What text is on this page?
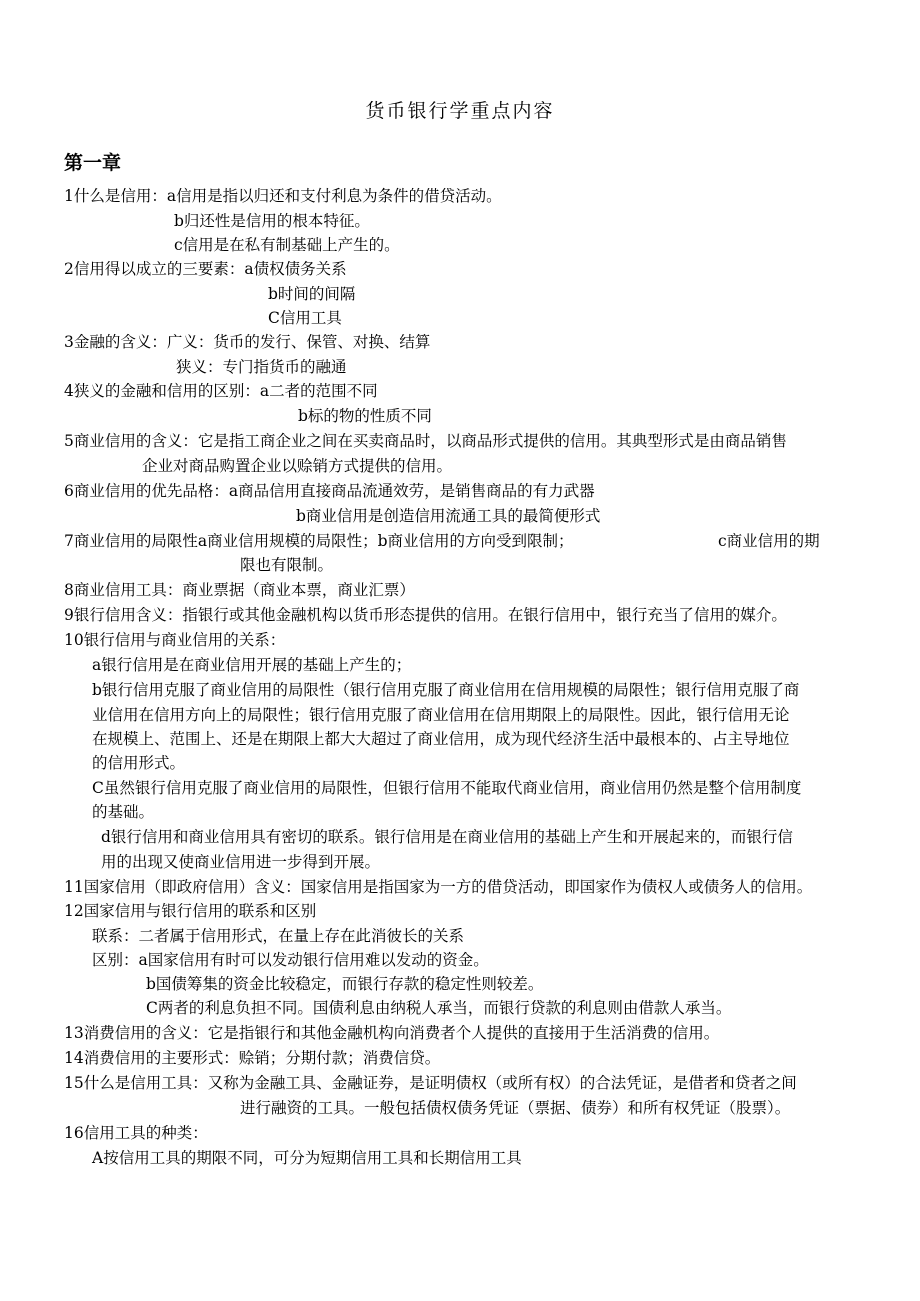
货币银行学重点内容
第一章
1什么是信用：a信用是指以归还和支付利息为条件的借贷活动。
b归还性是信用的根本特征。
c信用是在私有制基础上产生的。
2信用得以成立的三要素：a债权债务关系
b时间的间隔
C信用工具
3金融的含义：广义：货币的发行、保管、对换、结算
狭义：专门指货币的融通
4狭义的金融和信用的区别：a二者的范围不同
b标的物的性质不同
5商业信用的含义：它是指工商企业之间在买卖商品时，以商品形式提供的信用。其典型形式是由商品销售
企业对商品购置企业以赊销方式提供的信用。
6商业信用的优先品格：a商品信用直接商品流通效劳，是销售商品的有力武器
b商业信用是创造信用流通工具的最简便形式
7商业信用的局限性a商业信用规模的局限性；b商业信用的方向受到限制；	c商业信用的期
限也有限制。
8商业信用工具：商业票据（商业本票，商业汇票）
9银行信用含义：指银行或其他金融机构以货币形态提供的信用。在银行信用中，银行充当了信用的媒介。
10银行信用与商业信用的关系：
a银行信用是在商业信用开展的基础上产生的；
b银行信用克服了商业信用的局限性（银行信用克服了商业信用在信用规模的局限性；银行信用克服了商
业信用在信用方向上的局限性；银行信用克服了商业信用在信用期限上的局限性。因此，银行信用无论
在规模上、范围上、还是在期限上都大大超过了商业信用，成为现代经济生活中最根本的、占主导地位
的信用形式。
C虽然银行信用克服了商业信用的局限性，但银行信用不能取代商业信用，商业信用仍然是整个信用制度
的基础。
d银行信用和商业信用具有密切的联系。银行信用是在商业信用的基础上产生和开展起来的，而银行信
用的出现又使商业信用进一步得到开展。
11国家信用（即政府信用）含义：国家信用是指国家为一方的借贷活动，即国家作为债权人或债务人的信用。
12国家信用与银行信用的联系和区别
联系：二者属于信用形式，在量上存在此消彼长的关系
区别：a国家信用有时可以发动银行信用难以发动的资金。
b国债筹集的资金比较稳定，而银行存款的稳定性则较差。
C两者的利息负担不同。国债利息由纳税人承当，而银行贷款的利息则由借款人承当。
13消费信用的含义：它是指银行和其他金融机构向消费者个人提供的直接用于生活消费的信用。
14消费信用的主要形式：赊销；分期付款；消费信贷。
15什么是信用工具：又称为金融工具、金融证券，是证明债权（或所有权）的合法凭证，是借者和贷者之间
进行融资的工具。一般包括债权债务凭证（票据、债券）和所有权凭证（股票）。
16信用工具的种类：
A按信用工具的期限不同，可分为短期信用工具和长期信用工具
